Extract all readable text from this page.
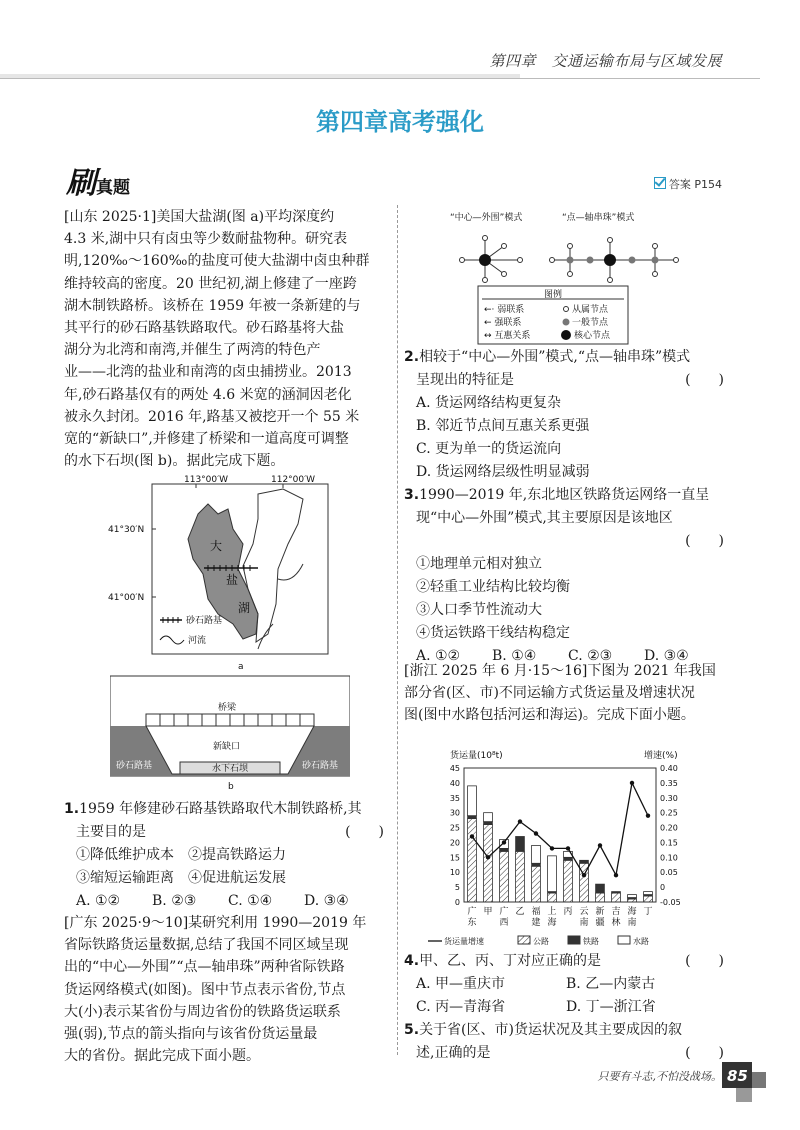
第四章　交通运输布局与区域发展
第四章高考强化
刷真题	答案 P154
[山东 2025·1]美国大盐湖(图 a)平均深度约
4.3 米,湖中只有卤虫等少数耐盐物种。研究表
明,120‰～160‰的盐度可使大盐湖中卤虫种群
维持较高的密度。20 世纪初,湖上修建了一座跨
湖木制铁路桥。该桥在 1959 年被一条新建的与
其平行的砂石路基铁路取代。砂石路基将大盐
湖分为北湾和南湾,并催生了两湾的特色产
业——北湾的盐业和南湾的卤虫捕捞业。2013
年,砂石路基仅有的两处 4.6 米宽的涵洞因老化
被永久封闭。2016 年,路基又被挖开一个 55 米
宽的“新缺口”,并修建了桥梁和一道高度可调整
的水下石坝(图 b)。据此完成下题。
大
盐
湖
113°00′W	112°00′W
41°30′N
41°00′N
砂石路基
河流
a
桥梁
新缺口
砂石路基	砂石路基
水下石坝
b
1.1959 年修建砂石路基铁路取代木制铁路桥,其
主要目的是	(　　)
①降低维护成本　②提高铁路运力
③缩短运输距离　④促进航运发展
A. ①②	B. ②③	C. ①④	D. ③④
[广东 2025·9～10]某研究利用 1990—2019 年
省际铁路货运量数据,总结了我国不同区域呈现
出的“中心—外围”“点—轴串珠”两种省际铁路
货运网络模式(如图)。图中节点表示省份,节点
大(小)表示某省份与周边省份的铁路货运联系
强(弱),节点的箭头指向与该省份货运量最
大的省份。据此完成下面小题。
“中心—外围”模式	“点—轴串珠”模式
图例
←· 弱联系
← 强联系
↔ 互惠关系
从属节点
一般节点
核心节点
2.相较于“中心—外围”模式,“点—轴串珠”模式
呈现出的特征是	(　　)
A. 货运网络结构更复杂
B. 邻近节点间互惠关系更强
C. 更为单一的货运流向
D. 货运网络层级性明显减弱
3.1990—2019 年,东北地区铁路货运网络一直呈
现“中心—外围”模式,其主要原因是该地区
(　　)
①地理单元相对独立
②轻重工业结构比较均衡
③人口季节性流动大
④货运铁路干线结构稳定
A. ①②	B. ①④	C. ②③	D. ③④
[浙江 2025 年 6 月·15～16]下图为 2021 年我国
部分省(区、市)不同运输方式货运量及增速状况
图(图中水路包括河运和海运)。完成下面小题。
货运量(10⁸t)	增速(%)
0
5
10
15
20
25
30
35
40
45
-0.05
0
0.05
0.10
0.15
0.20
0.25
0.30
0.35
0.40
广
东
甲 广
西
乙 福
建
上
海
丙 云
南
新
疆
吉
林
海
南
丁
货运量增速	公路	铁路	水路
4.甲、乙、丙、丁对应正确的是	(　　)
A. 甲—重庆市	B. 乙—内蒙古
C. 丙—青海省	D. 丁—浙江省
5.关于省(区、市)货运状况及其主要成因的叙
述,正确的是	(　　)
只要有斗志,不怕没战场。 85
